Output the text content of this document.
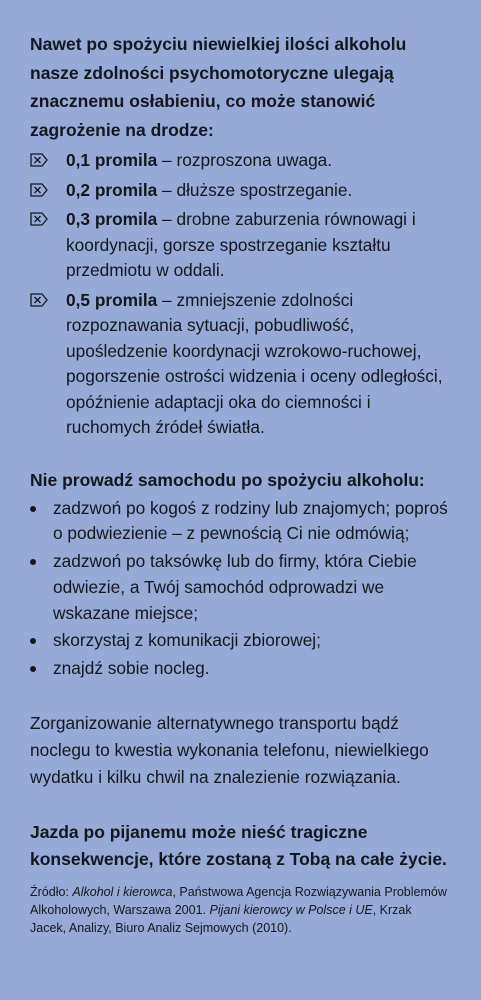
Nawet po spożyciu niewielkiej ilości alkoholu nasze zdolności psychomotoryczne ulegają znacznemu osłabieniu, co może stanowić zagrożenie na drodze:

0,1 promila – rozproszona uwaga.
0,2 promila – dłuższe spostrzeganie.
0,3 promila – drobne zaburzenia równowagi i koordynacji, gorsze spostrzeganie kształtu przedmiotu w oddali.
0,5 promila – zmniejszenie zdolności rozpoznawania sytuacji, pobudliwość, upośledzenie koordynacji wzrokowo-ruchowej, pogorszenie ostrości widzenia i oceny odległości, opóźnienie adaptacji oka do ciemności i ruchomych źródeł światła.

Nie prowadź samochodu po spożyciu alkoholu:

zadzwoń po kogoś z rodziny lub znajomych; poproś o podwiezienie – z pewnością Ci nie odmówią;
zadzwoń po taksówkę lub do firmy, która Ciebie odwiezie, a Twój samochód odprowadzi we wskazane miejsce;
skorzystaj z komunikacji zbiorowej;
znajdź sobie nocleg.

Zorganizowanie alternatywnego transportu bądź noclegu to kwestia wykonania telefonu, niewielkiego wydatku i kilku chwil na znalezienie rozwiązania.

Jazda po pijanemu może nieść tragiczne konsekwencje, które zostaną z Tobą na całe życie.

Źródło: Alkohol i kierowca, Państwowa Agencja Rozwiązywania Problemów Alkoholowych, Warszawa 2001. Pijani kierowcy w Polsce i UE, Krzak Jacek, Analizy, Biuro Analiz Sejmowych (2010).
